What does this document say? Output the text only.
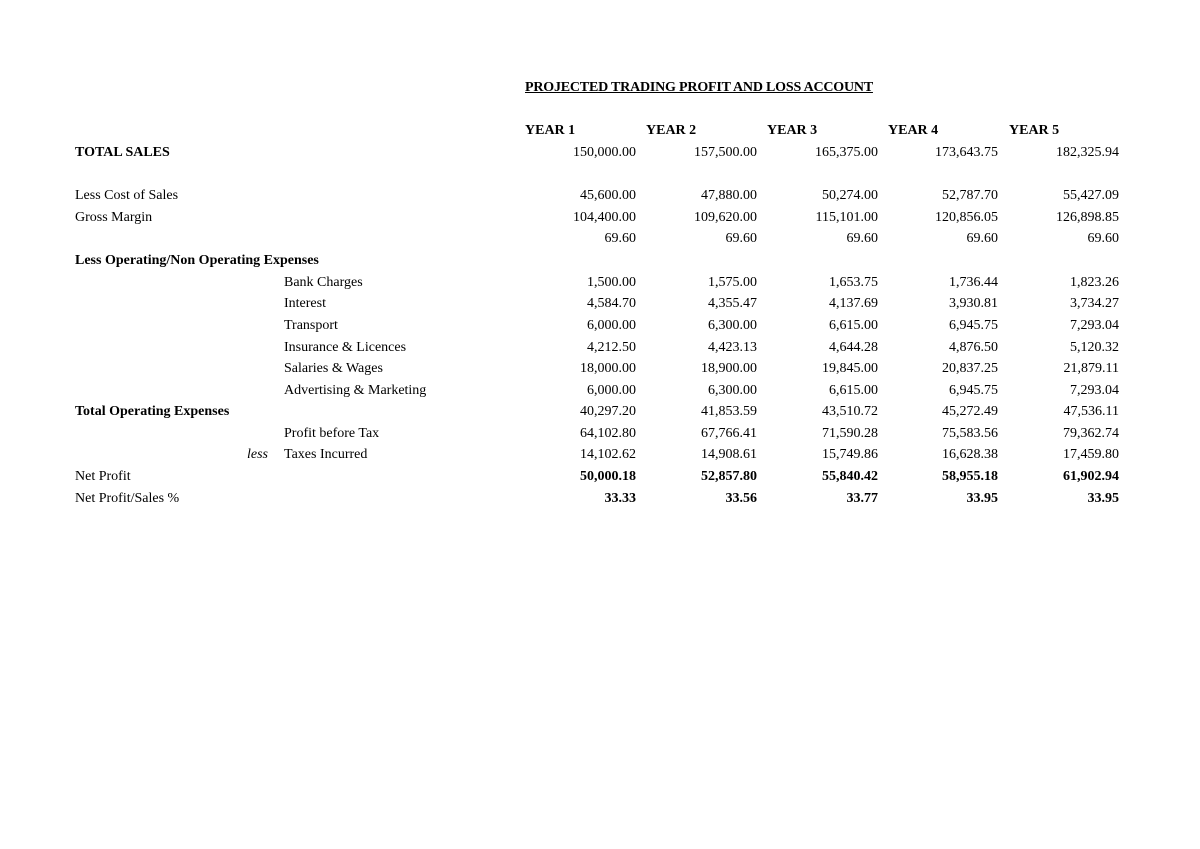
PROJECTED TRADING PROFIT AND LOSS ACCOUNT
YEAR 1	YEAR 2	YEAR 3	YEAR 4	YEAR 5
TOTAL SALES	150,000.00	157,500.00	165,375.00	173,643.75	182,325.94
Less Cost of Sales	45,600.00	47,880.00	50,274.00	52,787.70	55,427.09
Gross Margin	104,400.00	109,620.00	115,101.00	120,856.05	126,898.85
69.60	69.60	69.60	69.60	69.60
Less Operating/Non Operating Expenses
Bank Charges	1,500.00	1,575.00	1,653.75	1,736.44	1,823.26
Interest	4,584.70	4,355.47	4,137.69	3,930.81	3,734.27
Transport	6,000.00	6,300.00	6,615.00	6,945.75	7,293.04
Insurance & Licences	4,212.50	4,423.13	4,644.28	4,876.50	5,120.32
Salaries & Wages	18,000.00	18,900.00	19,845.00	20,837.25	21,879.11
Advertising & Marketing	6,000.00	6,300.00	6,615.00	6,945.75	7,293.04
Total Operating Expenses	40,297.20	41,853.59	43,510.72	45,272.49	47,536.11
Profit before Tax	64,102.80	67,766.41	71,590.28	75,583.56	79,362.74
less Taxes Incurred	14,102.62	14,908.61	15,749.86	16,628.38	17,459.80
Net Profit	50,000.18	52,857.80	55,840.42	58,955.18	61,902.94
Net Profit/Sales %	33.33	33.56	33.77	33.95	33.95
